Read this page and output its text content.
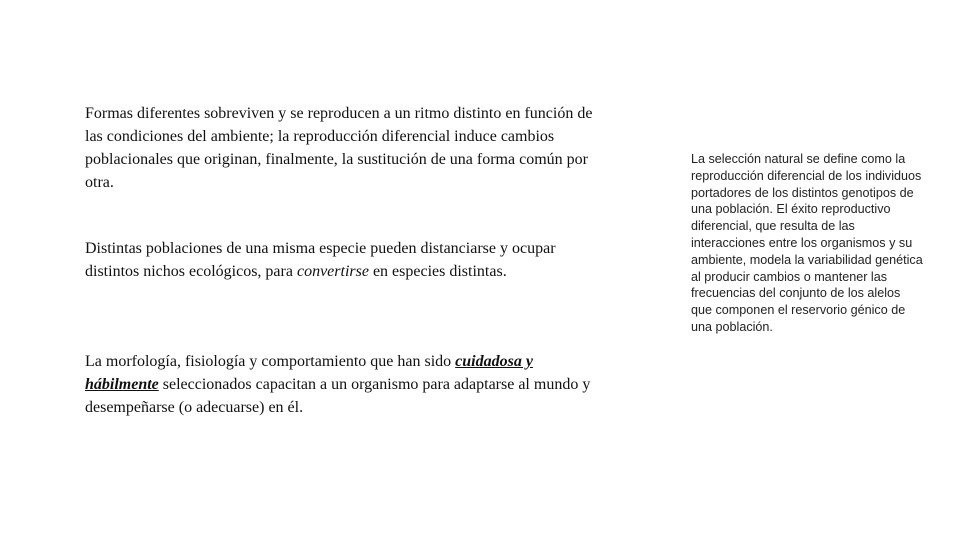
Formas diferentes sobreviven y se reproducen a un ritmo distinto en función de las condiciones del ambiente; la reproducción diferencial induce cambios poblacionales que originan, finalmente, la sustitución de una forma común por otra.

Distintas poblaciones de una misma especie pueden distanciarse y ocupar distintos nichos ecológicos, para convertirse en especies distintas.

La morfología, fisiología y comportamiento que han sido cuidadosa y hábilmente seleccionados capacitan a un organismo para adaptarse al mundo y desempeñarse (o adecuarse) en él.

La selección natural se define como la reproducción diferencial de los individuos portadores de los distintos genotipos de una población. El éxito reproductivo diferencial, que resulta de las interacciones entre los organismos y su ambiente, modela la variabilidad genética al producir cambios o mantener las frecuencias del conjunto de los alelos que componen el reservorio génico de una población.
